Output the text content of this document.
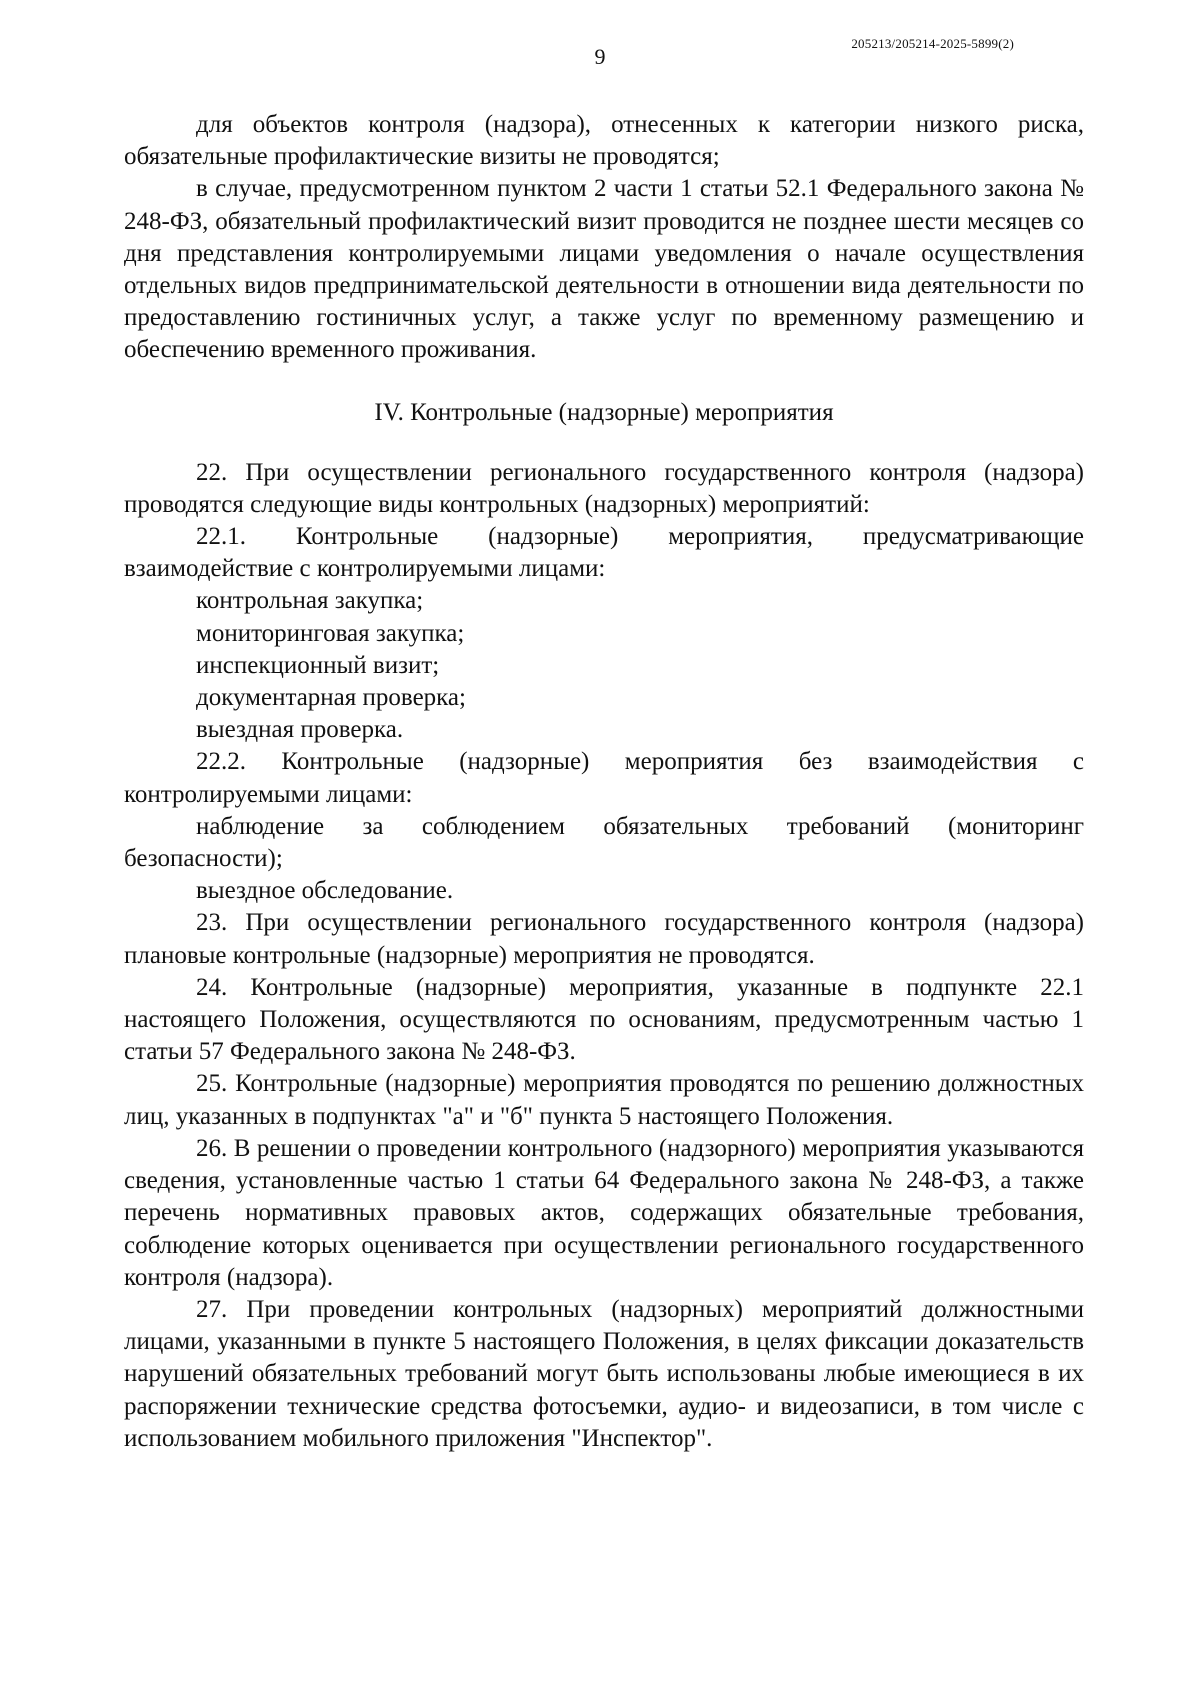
9
205213/205214-2025-5899(2)

для объектов контроля (надзора), отнесенных к категории низкого риска, обязательные профилактические визиты не проводятся;

в случае, предусмотренном пунктом 2 части 1 статьи 52.1 Федерального закона № 248-ФЗ, обязательный профилактический визит проводится не позднее шести месяцев со дня представления контролируемыми лицами уведомления о начале осуществления отдельных видов предпринимательской деятельности в отношении вида деятельности по предоставлению гостиничных услуг, а также услуг по временному размещению и обеспечению временного проживания.

IV. Контрольные (надзорные) мероприятия

22. При осуществлении регионального государственного контроля (надзора) проводятся следующие виды контрольных (надзорных) мероприятий:

22.1. Контрольные (надзорные) мероприятия, предусматривающие взаимодействие с контролируемыми лицами:

контрольная закупка;

мониторинговая закупка;

инспекционный визит;

документарная проверка;

выездная проверка.

22.2. Контрольные (надзорные) мероприятия без взаимодействия с контролируемыми лицами:

наблюдение за соблюдением обязательных требований (мониторинг безопасности);

выездное обследование.

23. При осуществлении регионального государственного контроля (надзора) плановые контрольные (надзорные) мероприятия не проводятся.

24. Контрольные (надзорные) мероприятия, указанные в подпункте 22.1 настоящего Положения, осуществляются по основаниям, предусмотренным частью 1 статьи 57 Федерального закона № 248-ФЗ.

25. Контрольные (надзорные) мероприятия проводятся по решению должностных лиц, указанных в подпунктах "а" и "б" пункта 5 настоящего Положения.

26. В решении о проведении контрольного (надзорного) мероприятия указываются сведения, установленные частью 1 статьи 64 Федерального закона № 248-ФЗ, а также перечень нормативных правовых актов, содержащих обязательные требования, соблюдение которых оценивается при осуществлении регионального государственного контроля (надзора).

27. При проведении контрольных (надзорных) мероприятий должностными лицами, указанными в пункте 5 настоящего Положения, в целях фиксации доказательств нарушений обязательных требований могут быть использованы любые имеющиеся в их распоряжении технические средства фотосъемки, аудио- и видеозаписи, в том числе с использованием мобильного приложения "Инспектор".
